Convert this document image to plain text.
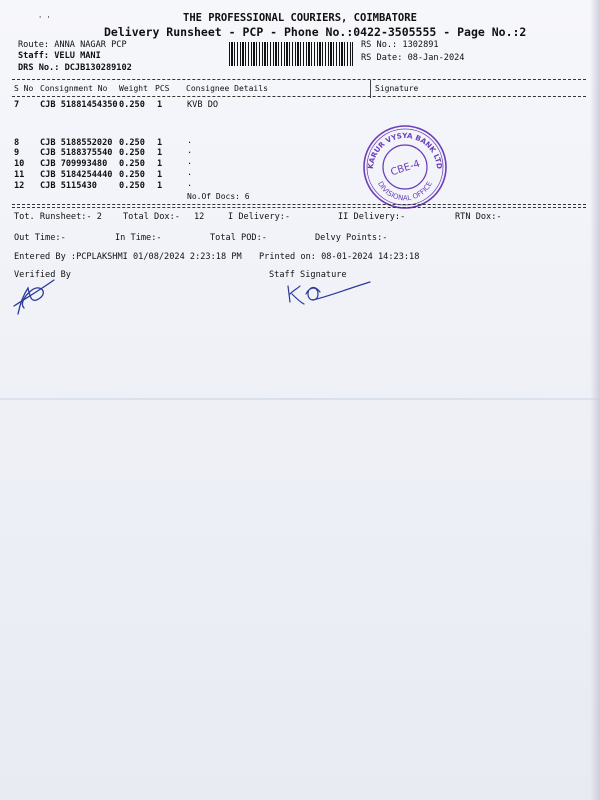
' '	THE PROFESSIONAL COURIERS, COIMBATORE
Delivery Runsheet - PCP - Phone No.:0422-3505555 - Page No.:2
Route: ANNA NAGAR PCP
Staff: VELU MANI
DRS No.: DCJB130289102
RS No.: 1302891
RS Date: 08-Jan-2024
S No Consignment No Weight PCS Consignee Details	Signature
7 CJB 51881454350 0.250 1	KVB DO
8 CJB 5188552020 0.250 1	.
9 CJB 5188375540 0.250 1	.
10 CJB 709993480 0.250 1	.
11 CJB 5184254440 0.250 1	.
12 CJB 5115430	0.250 1	.
No.Of Docs: 6
KARUR VYSYA BANK LTD
DIVISIONAL OFFICE
CBE-4
Tot. Runsheet:- 2 Total Dox:- 12	I Delivery:-	II Delivery:-	RTN Dox:-
Out Time:-	In Time:-	Total POD:-	Delvy Points:-
Entered By :PCPLAKSHMI 01/08/2024 2:23:18 PM Printed on: 08-01-2024 14:23:18
Verified By	Staff Signature
